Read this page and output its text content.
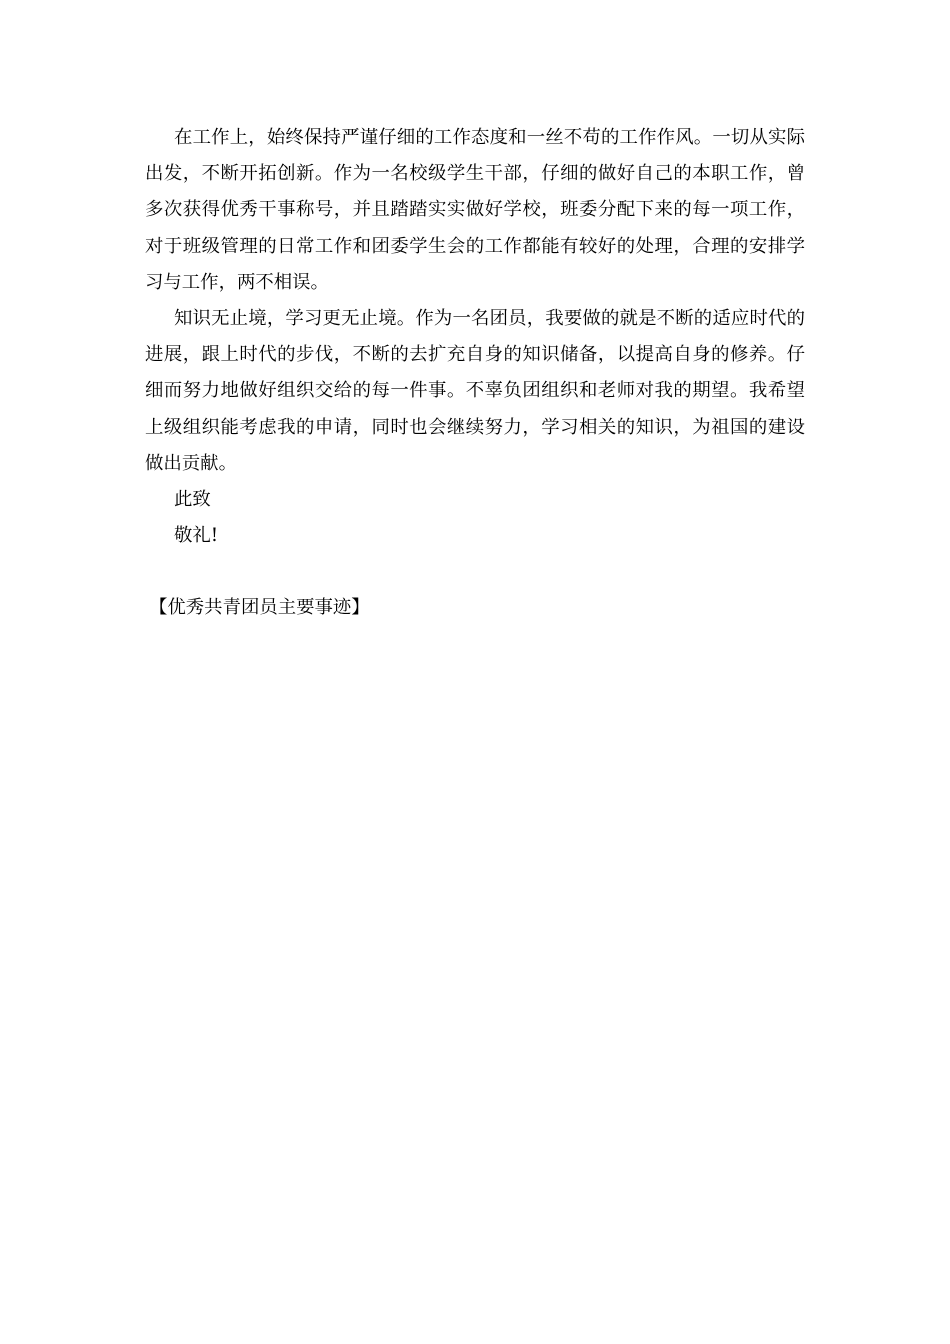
在工作上，始终保持严谨仔细的工作态度和一丝不苟的工作作风。一切从实际出发，不断开拓创新。作为一名校级学生干部，仔细的做好自己的本职工作，曾多次获得优秀干事称号，并且踏踏实实做好学校，班委分配下来的每一项工作，对于班级管理的日常工作和团委学生会的工作都能有较好的处理，合理的安排学习与工作，两不相误。

知识无止境，学习更无止境。作为一名团员，我要做的就是不断的适应时代的进展，跟上时代的步伐，不断的去扩充自身的知识储备，以提高自身的修养。仔细而努力地做好组织交给的每一件事。不辜负团组织和老师对我的期望。我希望上级组织能考虑我的申请，同时也会继续努力，学习相关的知识，为祖国的建设做出贡献。

此致

敬礼!

【优秀共青团员主要事迹】
